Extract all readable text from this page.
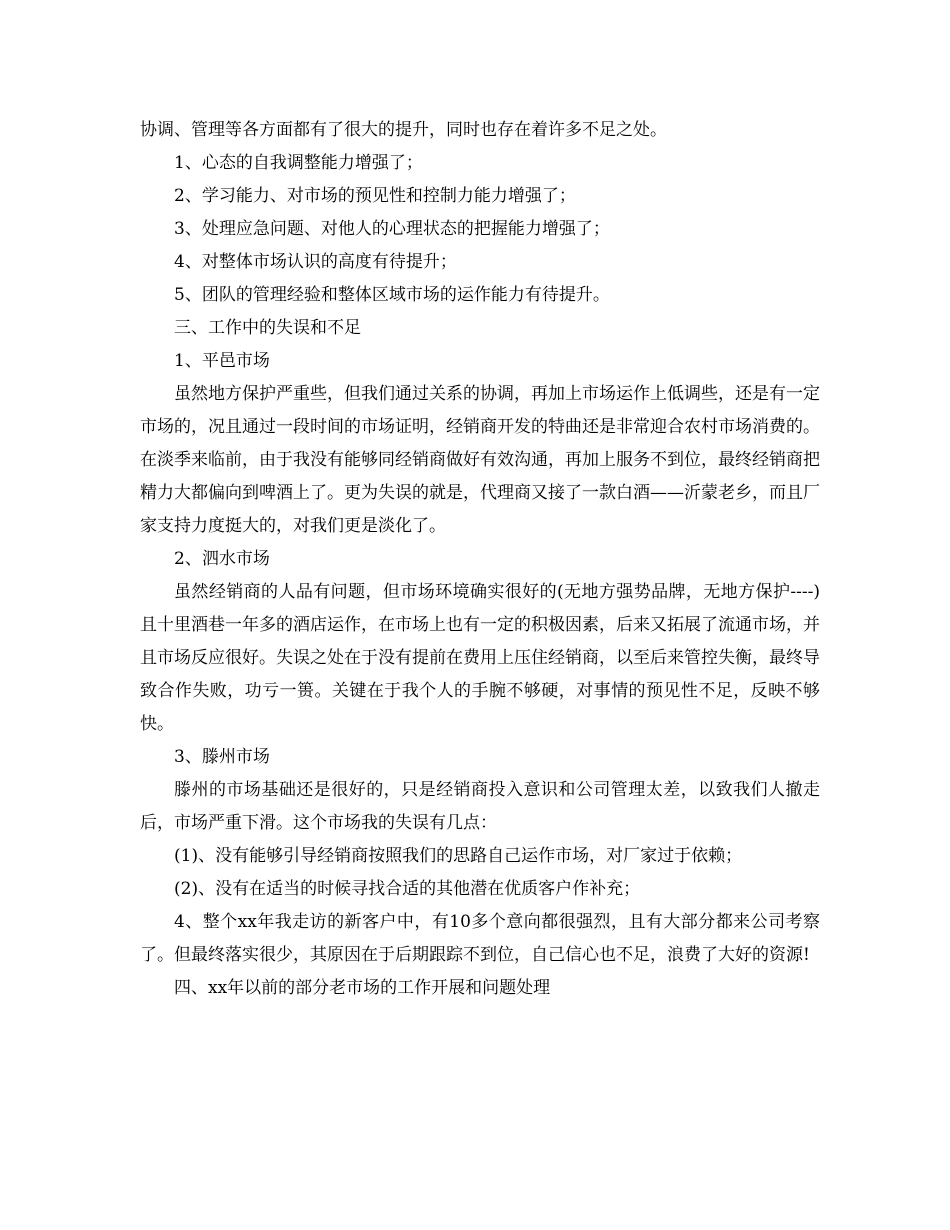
协调、管理等各方面都有了很大的提升，同时也存在着许多不足之处。

1、心态的自我调整能力增强了；

2、学习能力、对市场的预见性和控制力能力增强了；

3、处理应急问题、对他人的心理状态的把握能力增强了；

4、对整体市场认识的高度有待提升；

5、团队的管理经验和整体区域市场的运作能力有待提升。

三、工作中的失误和不足

1、平邑市场

虽然地方保护严重些，但我们通过关系的协调，再加上市场运作上低调些，还是有一定市场的，况且通过一段时间的市场证明，经销商开发的特曲还是非常迎合农村市场消费的。在淡季来临前，由于我没有能够同经销商做好有效沟通，再加上服务不到位，最终经销商把精力大都偏向到啤酒上了。更为失误的就是，代理商又接了一款白酒——沂蒙老乡，而且厂家支持力度挺大的，对我们更是淡化了。

2、泗水市场

虽然经销商的人品有问题，但市场环境确实很好的(无地方强势品牌，无地方保护----)且十里酒巷一年多的酒店运作，在市场上也有一定的积极因素，后来又拓展了流通市场，并且市场反应很好。失误之处在于没有提前在费用上压住经销商，以至后来管控失衡，最终导致合作失败，功亏一篑。关键在于我个人的手腕不够硬，对事情的预见性不足，反映不够快。

3、滕州市场

滕州的市场基础还是很好的，只是经销商投入意识和公司管理太差，以致我们人撤走后，市场严重下滑。这个市场我的失误有几点：

(1)、没有能够引导经销商按照我们的思路自己运作市场，对厂家过于依赖；

(2)、没有在适当的时候寻找合适的其他潜在优质客户作补充；

4、整个xx年我走访的新客户中，有10多个意向都很强烈，且有大部分都来公司考察了。但最终落实很少，其原因在于后期跟踪不到位，自己信心也不足，浪费了大好的资源!

四、xx年以前的部分老市场的工作开展和问题处理
